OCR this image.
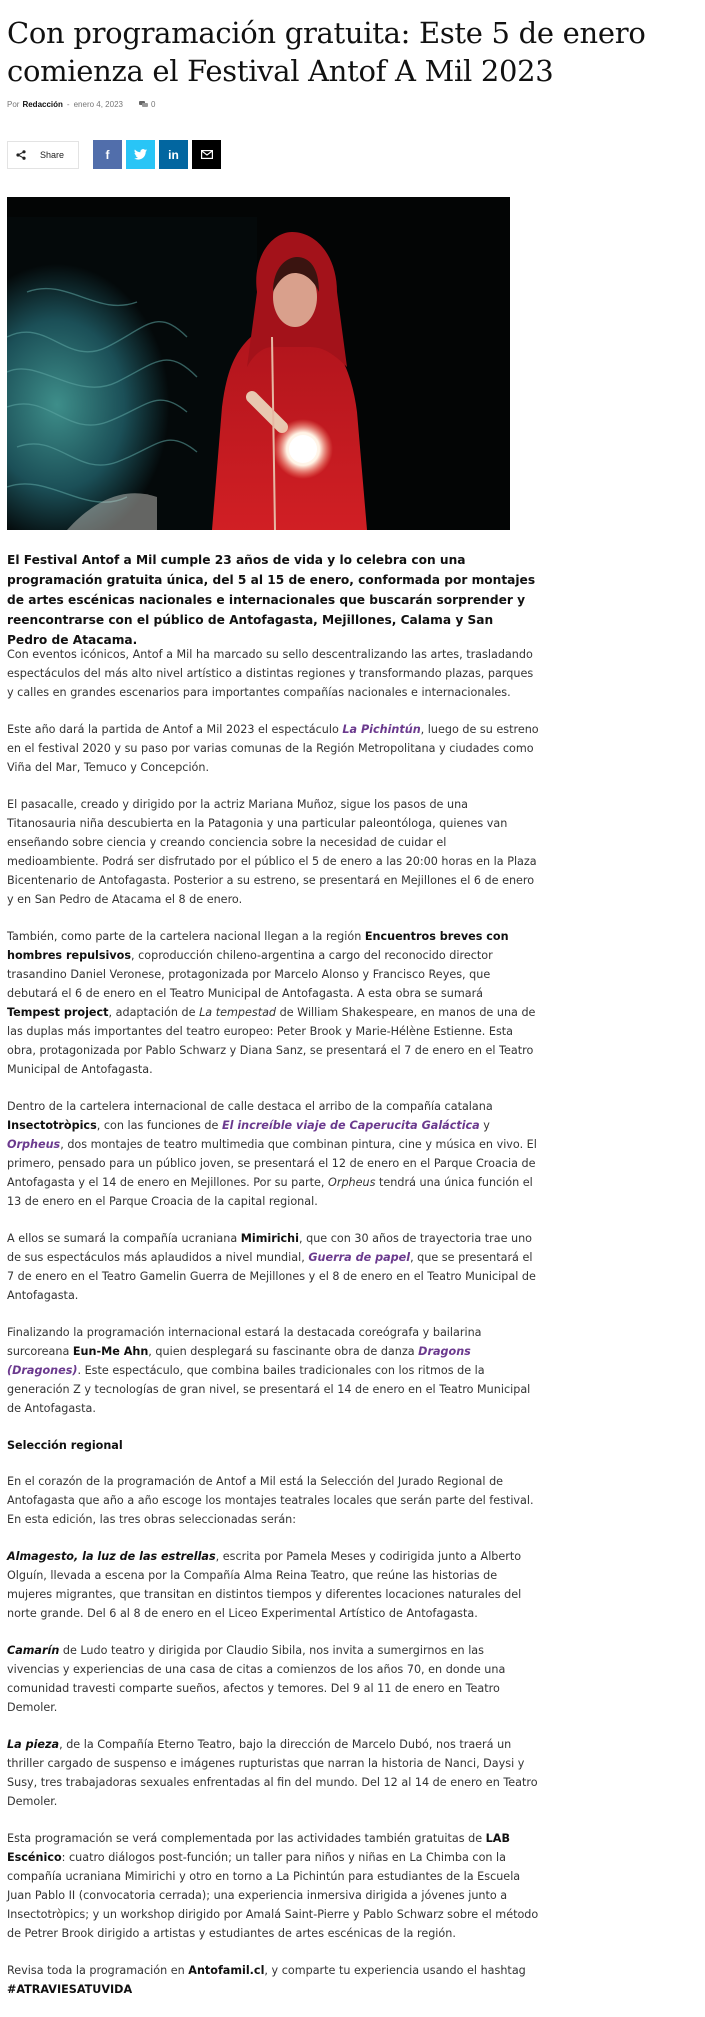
Con programación gratuita: Este 5 de enero comienza el Festival Antof A Mil 2023
Por Redacción - enero 4, 2023	0
Share	f	in
El Festival Antof a Mil cumple 23 años de vida y lo celebra con una programación gratuita única, del 5 al 15 de enero, conformada por montajes de artes escénicas nacionales e internacionales que buscarán sorprender y reencontrarse con el público de Antofagasta, Mejillones, Calama y San Pedro de Atacama.

Con eventos icónicos, Antof a Mil ha marcado su sello descentralizando las artes, trasladando espectáculos del más alto nivel artístico a distintas regiones y transformando plazas, parques y calles en grandes escenarios para importantes compañías nacionales e internacionales.

Este año dará la partida de Antof a Mil 2023 el espectáculo La Pichintún, luego de su estreno en el festival 2020 y su paso por varias comunas de la Región Metropolitana y ciudades como Viña del Mar, Temuco y Concepción.

El pasacalle, creado y dirigido por la actriz Mariana Muñoz, sigue los pasos de una Titanosauria niña descubierta en la Patagonia y una particular paleontóloga, quienes van enseñando sobre ciencia y creando conciencia sobre la necesidad de cuidar el medioambiente. Podrá ser disfrutado por el público el 5 de enero a las 20:00 horas en la Plaza Bicentenario de Antofagasta. Posterior a su estreno, se presentará en Mejillones el 6 de enero y en San Pedro de Atacama el 8 de enero.

También, como parte de la cartelera nacional llegan a la región Encuentros breves con hombres repulsivos, coproducción chileno-argentina a cargo del reconocido director trasandino Daniel Veronese, protagonizada por Marcelo Alonso y Francisco Reyes, que debutará el 6 de enero en el Teatro Municipal de Antofagasta. A esta obra se sumará Tempest project, adaptación de La tempestad de William Shakespeare, en manos de una de las duplas más importantes del teatro europeo: Peter Brook y Marie-Hélène Estienne. Esta obra, protagonizada por Pablo Schwarz y Diana Sanz, se presentará el 7 de enero en el Teatro Municipal de Antofagasta.

Dentro de la cartelera internacional de calle destaca el arribo de la compañía catalana Insectotròpics, con las funciones de El increíble viaje de Caperucita Galáctica y Orpheus, dos montajes de teatro multimedia que combinan pintura, cine y música en vivo. El primero, pensado para un público joven, se presentará el 12 de enero en el Parque Croacia de Antofagasta y el 14 de enero en Mejillones. Por su parte, Orpheus tendrá una única función el 13 de enero en el Parque Croacia de la capital regional.

A ellos se sumará la compañía ucraniana Mimirichi, que con 30 años de trayectoria trae uno de sus espectáculos más aplaudidos a nivel mundial, Guerra de papel, que se presentará el 7 de enero en el Teatro Gamelin Guerra de Mejillones y el 8 de enero en el Teatro Municipal de Antofagasta.

Finalizando la programación internacional estará la destacada coreógrafa y bailarina surcoreana Eun-Me Ahn, quien desplegará su fascinante obra de danza Dragons (Dragones). Este espectáculo, que combina bailes tradicionales con los ritmos de la generación Z y tecnologías de gran nivel, se presentará el 14 de enero en el Teatro Municipal de Antofagasta.

Selección regional

En el corazón de la programación de Antof a Mil está la Selección del Jurado Regional de Antofagasta que año a año escoge los montajes teatrales locales que serán parte del festival. En esta edición, las tres obras seleccionadas serán:

Almagesto, la luz de las estrellas, escrita por Pamela Meses y codirigida junto a Alberto Olguín, llevada a escena por la Compañía Alma Reina Teatro, que reúne las historias de mujeres migrantes, que transitan en distintos tiempos y diferentes locaciones naturales del norte grande. Del 6 al 8 de enero en el Liceo Experimental Artístico de Antofagasta.

Camarín de Ludo teatro y dirigida por Claudio Sibila, nos invita a sumergirnos en las vivencias y experiencias de una casa de citas a comienzos de los años 70, en donde una comunidad travesti comparte sueños, afectos y temores. Del 9 al 11 de enero en Teatro Demoler.

La pieza, de la Compañía Eterno Teatro, bajo la dirección de Marcelo Dubó, nos traerá un thriller cargado de suspenso e imágenes rupturistas que narran la historia de Nanci, Daysi y Susy, tres trabajadoras sexuales enfrentadas al fin del mundo. Del 12 al 14 de enero en Teatro Demoler.

Esta programación se verá complementada por las actividades también gratuitas de LAB Escénico: cuatro diálogos post-función; un taller para niños y niñas en La Chimba con la compañía ucraniana Mimirichi y otro en torno a La Pichintún para estudiantes de la Escuela Juan Pablo II (convocatoria cerrada); una experiencia inmersiva dirigida a jóvenes junto a Insectotròpics; y un workshop dirigido por Amalá Saint-Pierre y Pablo Schwarz sobre el método de Petrer Brook dirigido a artistas y estudiantes de artes escénicas de la región.

Revisa toda la programación en Antofamil.cl, y comparte tu experiencia usando el hashtag
#ATRAVIESATUVIDA
